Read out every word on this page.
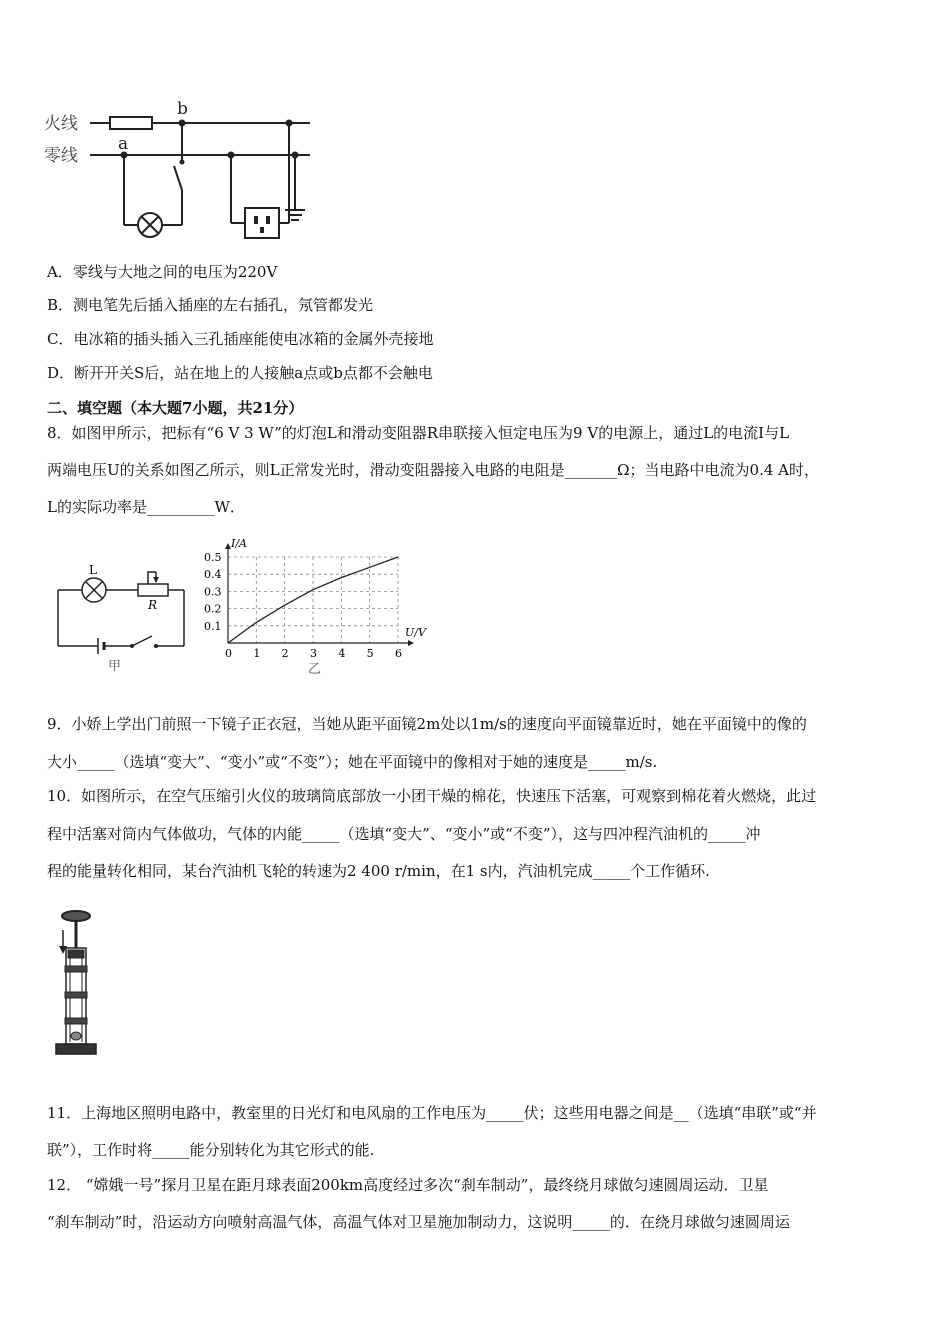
火线
零线
a
b
A．零线与大地之间的电压为220V
B．测电笔先后插入插座的左右插孔，氖管都发光
C．电冰箱的插头插入三孔插座能使电冰箱的金属外壳接地
D．断开开关S后，站在地上的人接触a点或b点都不会触电
二、填空题（本大题7小题，共21分）
8．如图甲所示，把标有“6 V 3 W”的灯泡L和滑动变阻器R串联接入恒定电压为9 V的电源上，通过L的电流I与L
两端电压U的关系如图乙所示，则L正常发光时，滑动变阻器接入电路的电阻是_______Ω；当电路中电流为0.4 A时，
L的实际功率是_________W．
L
R
甲
0 1 2 3 4 5 6
0.1
0.2
0.3
0.4
0.5
I/A
U/V
乙
9．小娇上学出门前照一下镜子正衣冠，当她从距平面镜2m处以1m/s的速度向平面镜靠近时，她在平面镜中的像的
大小_____（选填“变大”、“变小”或“不变”）；她在平面镜中的像相对于她的速度是_____m/s.
10．如图所示，在空气压缩引火仪的玻璃筒底部放一小团干燥的棉花，快速压下活塞，可观察到棉花着火燃烧，此过
程中活塞对筒内气体做功，气体的内能_____（选填“变大”、“变小”或“不变”），这与四冲程汽油机的_____冲
程的能量转化相同，某台汽油机飞轮的转速为2 400 r/min，在1 s内，汽油机完成_____个工作循环.
11．上海地区照明电路中，教室里的日光灯和电风扇的工作电压为_____伏；这些用电器之间是__（选填“串联”或“并
联”），工作时将_____能分别转化为其它形式的能.
12． “嫦娥一号”探月卫星在距月球表面200km高度经过多次“刹车制动”，最终绕月球做匀速圆周运动．卫星
“刹车制动”时，沿运动方向喷射高温气体，高温气体对卫星施加制动力，这说明_____的．在绕月球做匀速圆周运
